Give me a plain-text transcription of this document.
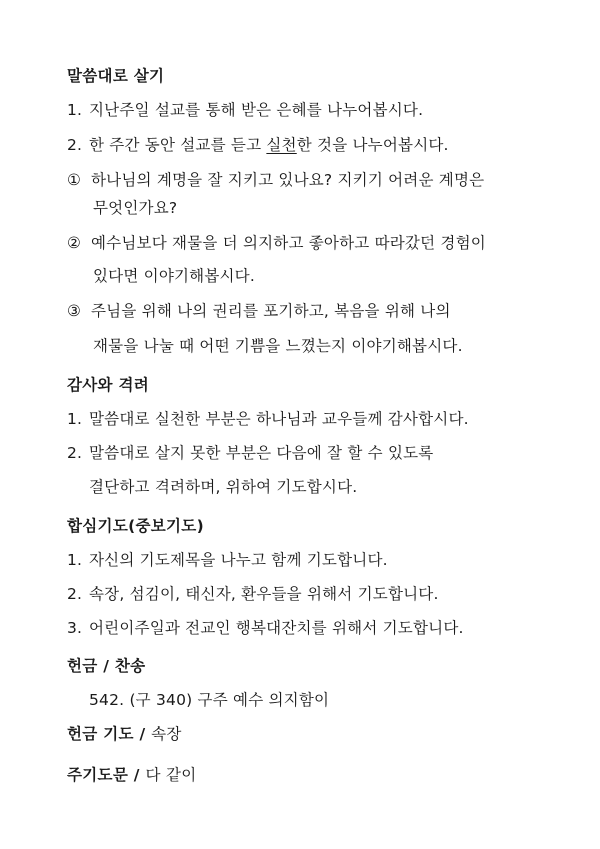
말씀대로 살기
1. 지난주일 설교를 통해 받은 은혜를 나누어봅시다.
2. 한 주간 동안 설교를 듣고 실천한 것을 나누어봅시다.
① 하나님의 계명을 잘 지키고 있나요? 지키기 어려운 계명은
무엇인가요?
② 예수님보다 재물을 더 의지하고 좋아하고 따라갔던 경험이
있다면 이야기해봅시다.
③ 주님을 위해 나의 권리를 포기하고, 복음을 위해 나의
재물을 나눌 때 어떤 기쁨을 느꼈는지 이야기해봅시다.
감사와 격려
1. 말씀대로 실천한 부분은 하나님과 교우들께 감사합시다.
2. 말씀대로 살지 못한 부분은 다음에 잘 할 수 있도록
결단하고 격려하며, 위하여 기도합시다.
합심기도(중보기도)
1. 자신의 기도제목을 나누고 함께 기도합니다.
2. 속장, 섬김이, 태신자, 환우들을 위해서 기도합니다.
3. 어린이주일과 전교인 행복대잔치를 위해서 기도합니다.
헌금 / 찬송
542. (구 340) 구주 예수 의지함이
헌금 기도 / 속장
주기도문 / 다 같이
